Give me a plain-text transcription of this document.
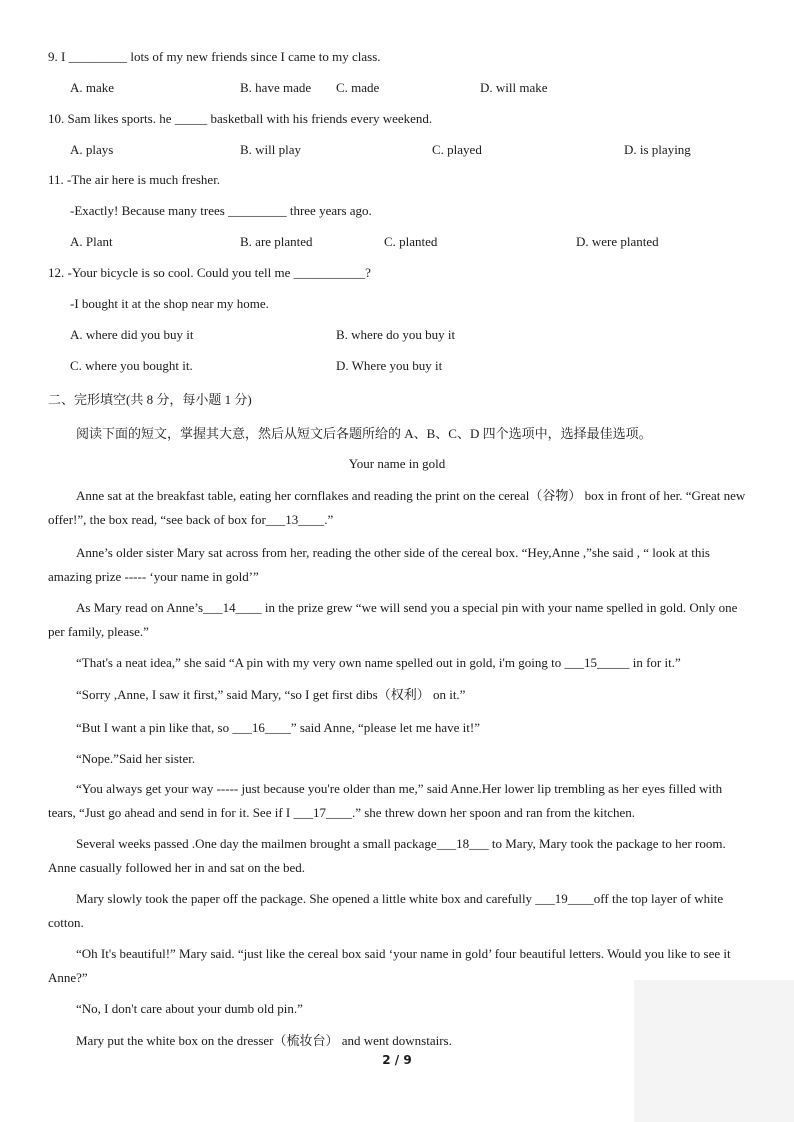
9. I _________ lots of my new friends since I came to my class.
A. make	B. have made C. made	D. will make
10. Sam likes sports. he _____ basketball with his friends every weekend.
A. plays	B. will play	C. played	D. is playing
11. -The air here is much fresher.
-Exactly! Because many trees _________ three years ago.
A. Plant	B. are planted	C. planted	D. were planted
12. -Your bicycle is so cool. Could you tell me ___________?
-I bought it at the shop near my home.
A. where did you buy it	B. where do you buy it
C. where you bought it.	D. Where you buy it
二、完形填空(共 8 分，每小题 1 分)
阅读下面的短文，掌握其大意，然后从短文后各题所给的 A、B、C、D 四个选项中，选择最佳选项。
Your name in gold
Anne sat at the breakfast table, eating her cornflakes and reading the print on the cereal（谷物） box in front of her. “Great new offer!”, the box read, “see back of box for___13____.”
Anne’s older sister Mary sat across from her, reading the other side of the cereal box. “Hey,Anne ,”she said , “ look at this amazing prize ----- ‘your name in gold’”
As Mary read on Anne’s___14____ in the prize grew “we will send you a special pin with your name spelled in gold. Only one per family, please.”
“That's a neat idea,” she said “A pin with my very own name spelled out in gold, i'm going to ___15_____ in for it.”
“Sorry ,Anne, I saw it first,” said Mary, “so I get first dibs（权利） on it.”
“But I want a pin like that, so ___16____” said Anne, “please let me have it!”
“Nope.”Said her sister.
“You always get your way ----- just because you're older than me,” said Anne.Her lower lip trembling as her eyes filled with tears, “Just go ahead and send in for it. See if I ___17____.” she threw down her spoon and ran from the kitchen.
Several weeks passed .One day the mailmen brought a small package___18___ to Mary, Mary took the package to her room. Anne casually followed her in and sat on the bed.
Mary slowly took the paper off the package. She opened a little white box and carefully ___19____off the top layer of white cotton.
“Oh It's beautiful!” Mary said. “just like the cereal box said ‘your name in gold’ four beautiful letters. Would you like to see it Anne?”
“No, I don't care about your dumb old pin.”
Mary put the white box on the dresser（梳妆台） and went downstairs.
2 / 9
